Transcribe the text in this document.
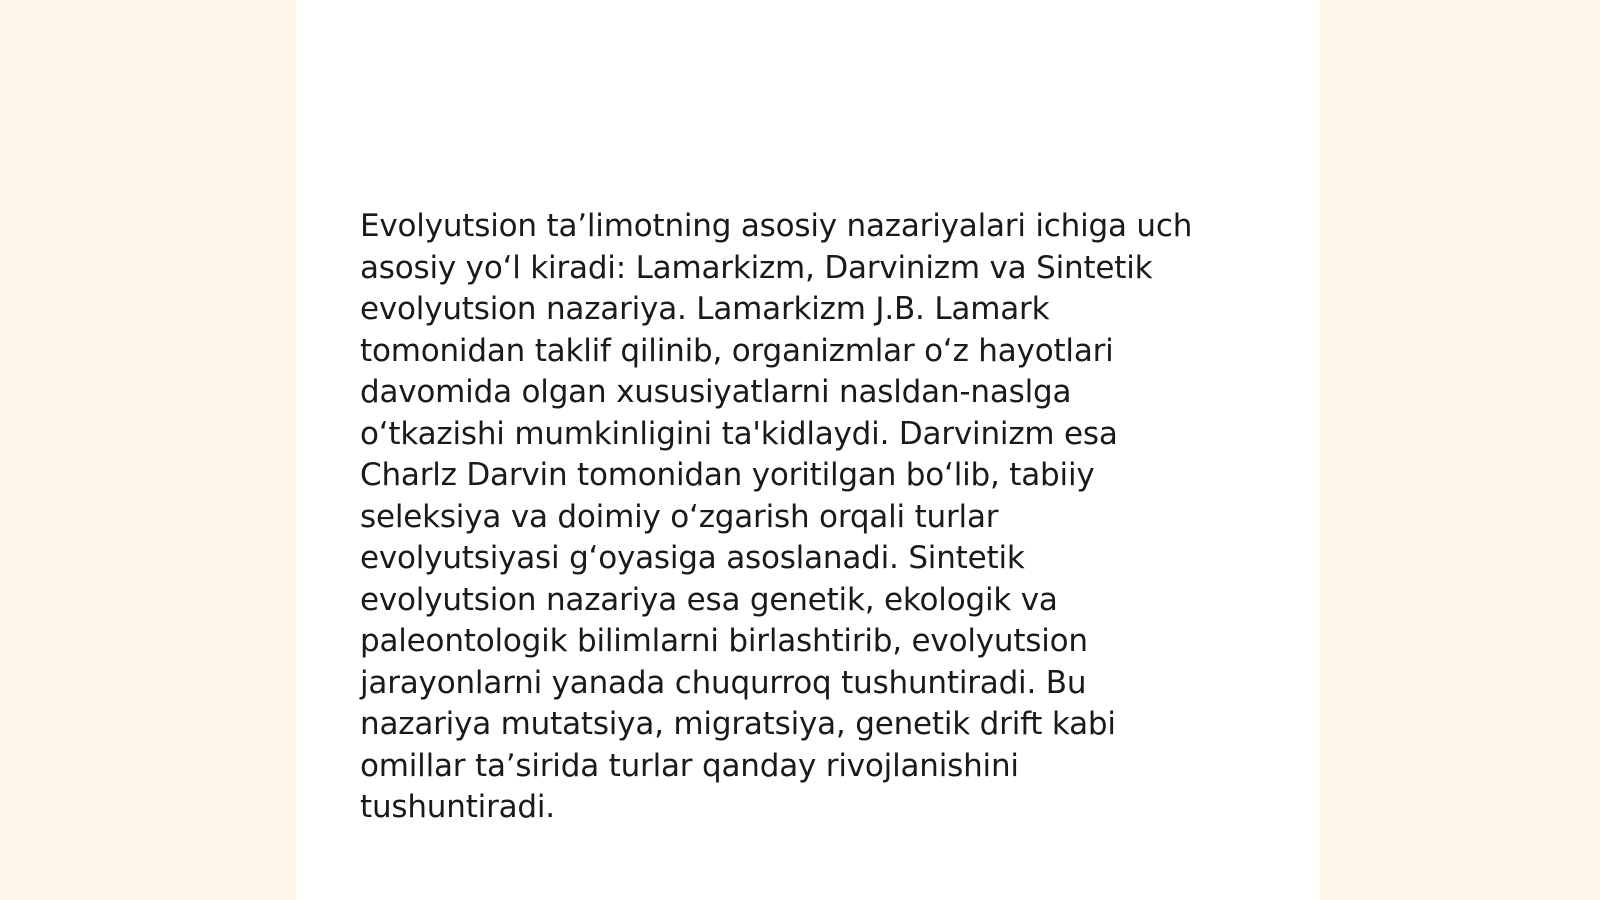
Evolyutsion ta’limotning asosiy nazariyalari ichiga uch
asosiy yo‘l kiradi: Lamarkizm, Darvinizm va Sintetik
evolyutsion nazariya. Lamarkizm J.B. Lamark
tomonidan taklif qilinib, organizmlar o‘z hayotlari
davomida olgan xususiyatlarni nasldan-naslga
o‘tkazishi mumkinligini ta'kidlaydi. Darvinizm esa
Charlz Darvin tomonidan yoritilgan bo‘lib, tabiiy
seleksiya va doimiy o‘zgarish orqali turlar
evolyutsiyasi g‘oyasiga asoslanadi. Sintetik
evolyutsion nazariya esa genetik, ekologik va
paleontologik bilimlarni birlashtirib, evolyutsion
jarayonlarni yanada chuqurroq tushuntiradi. Bu
nazariya mutatsiya, migratsiya, genetik drift kabi
omillar ta’sirida turlar qanday rivojlanishini
tushuntiradi.
